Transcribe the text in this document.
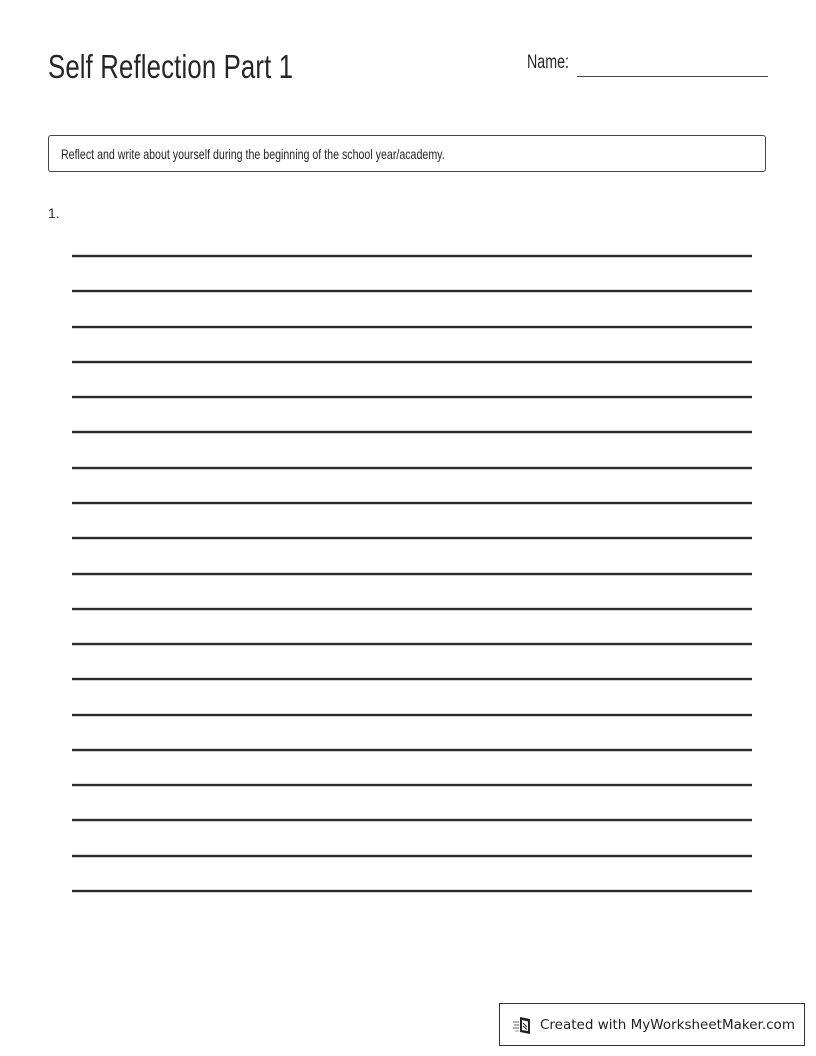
Self Reflection Part 1	Name:
Reflect and write about yourself during the beginning of the school year/academy.
1.
Created with MyWorksheetMaker.com
